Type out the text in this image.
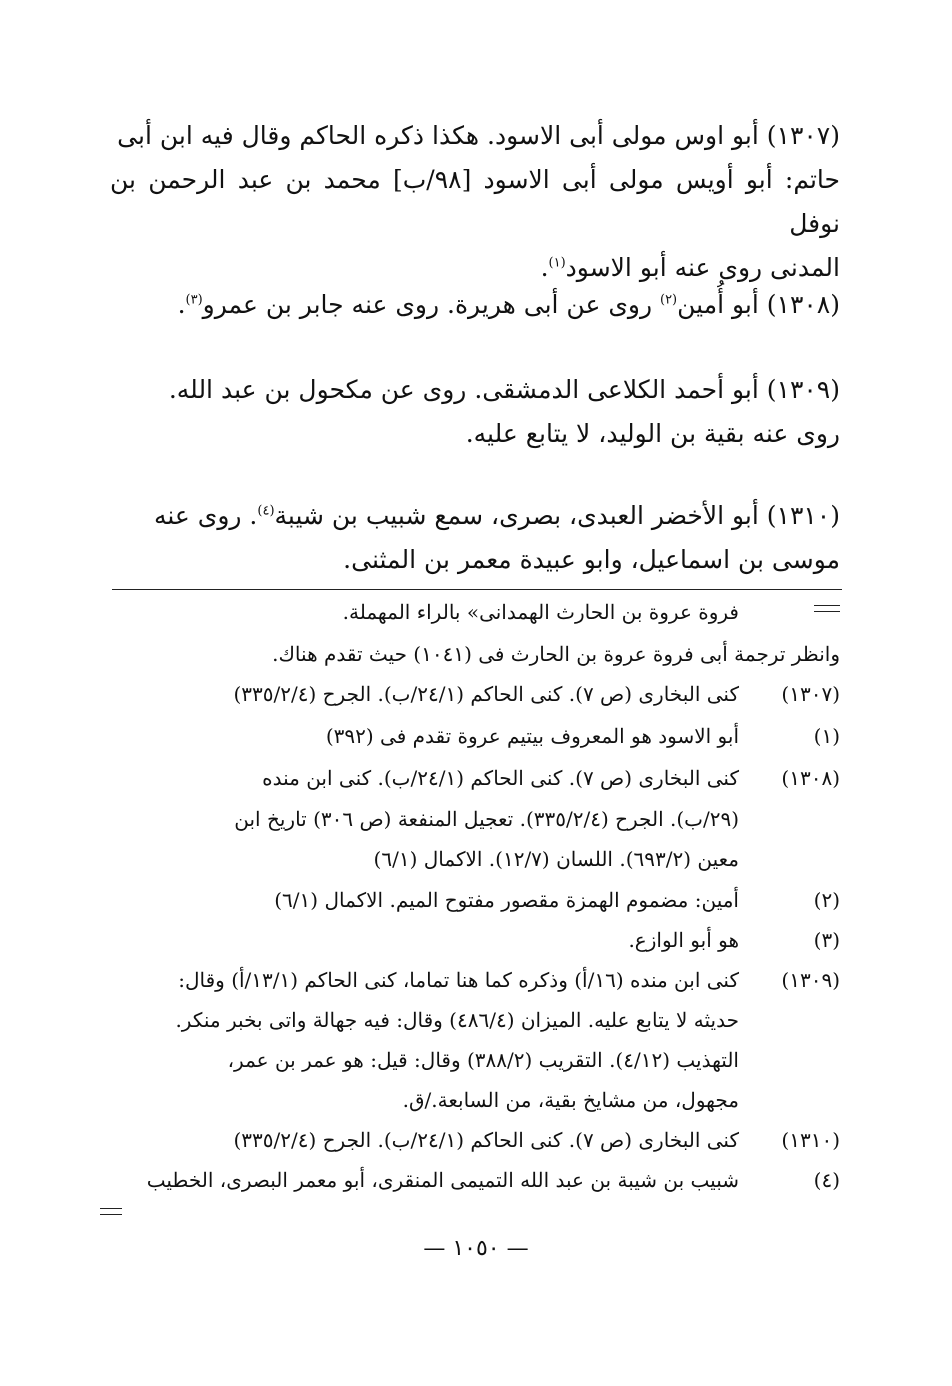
(١٣٠٧) أبو اوس مولى أبى الاسود. هكذا ذكره الحاكم وقال فيه ابن أبى
حاتم: أبو أويس مولى أبى الاسود [٩٨/ب] محمد بن عبد الرحمن بن نوفل
المدنى روى عنه أبو الاسود$^{(١)}$.
(١٣٠٨) أبو أُمين$^{(٢)}$ روى عن أبى هريرة. روى عنه جابر بن عمرو$^{(٣)}$.
(١٣٠٩) أبو أحمد الكلاعى الدمشقى. روى عن مكحول بن عبد الله.
روى عنه بقية بن الوليد، لا يتابع عليه.
(١٣١٠) أبو الأخضر العبدى، بصرى، سمع شبيب بن شيبة$^{(٤)}$. روى عنه
موسى بن اسماعيل، وابو عبيدة معمر بن المثنى.
فروة عروة بن الحارث الهمدانى» بالراء المهملة.
وانظر ترجمة أبى فروة عروة بن الحارث فى (١٠٤١) حيث تقدم هناك.
(١٣٠٧)
كنى البخارى (ص ٧). كنى الحاكم (٢٤/١/ب). الجرح (٣٣٥/٢/٤)
(١)
أبو الاسود هو المعروف بيتيم عروة تقدم فى (٣٩٢)
(١٣٠٨)
كنى البخارى (ص ٧). كنى الحاكم (٢٤/١/ب). كنى ابن منده
(٢٩/ب). الجرح (٣٣٥/٢/٤). تعجيل المنفعة (ص ٣٠٦) تاريخ ابن
معين (٦٩٣/٢). اللسان (١٢/٧). الاكمال (٦/١)
(٢)
أمين: مضموم الهمزة مقصور مفتوح الميم. الاكمال (٦/١)
(٣)
هو أبو الوازع.
(١٣٠٩)
كنى ابن منده (١٦/أ) وذكره كما هنا تماما، كنى الحاكم (١٣/١/أ) وقال:
حديثه لا يتابع عليه. الميزان (٤٨٦/٤) وقال: فيه جهالة واتى بخبر منكر.
التهذيب (٤/١٢). التقريب (٣٨٨/٢) وقال: قيل: هو عمر بن عمر،
مجهول، من مشايخ بقية، من السابعة./ق.
(١٣١٠)
كنى البخارى (ص ٧). كنى الحاكم (٢٤/١/ب). الجرح (٣٣٥/٢/٤)
(٤)
شبيب بن شيبة بن عبد الله التميمى المنقرى، أبو معمر البصرى، الخطيب
— ١٠٥٠ —
